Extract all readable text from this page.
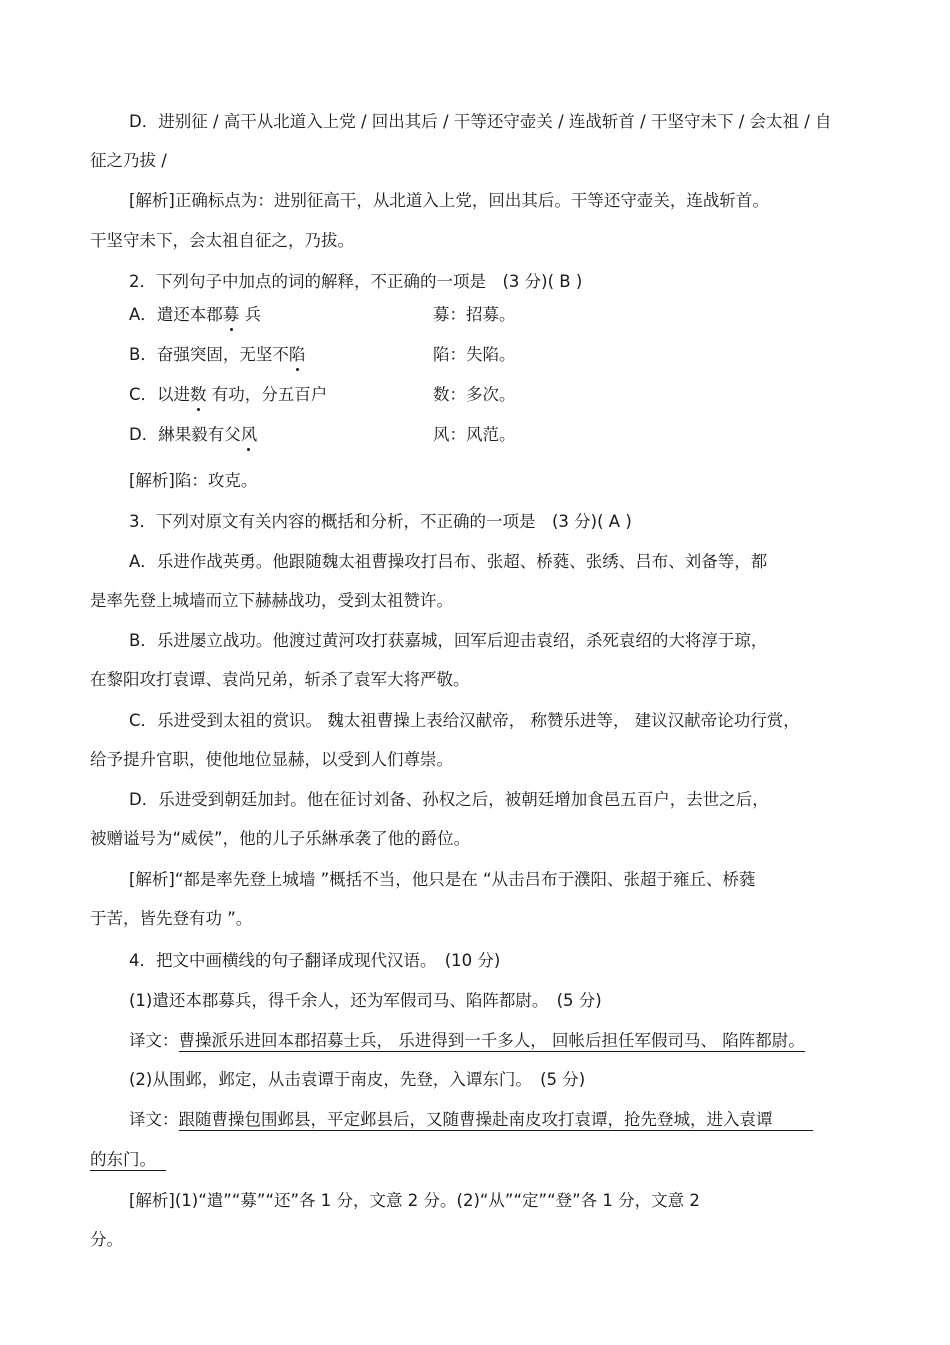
D．进别征 / 高干从北道入上党 / 回出其后 / 干等还守壶关 / 连战斩首 / 干坚守未下 / 会太祖 / 自
征之乃拔 /
[解析]正确标点为：进别征高干，从北道入上党，回出其后。干等还守壶关，连战斩首。
干坚守未下，会太祖自征之，乃拔。
2．下列句子中加点的词的解释，不正确的一项是　(3 分)( B )
A．遣还本郡募 兵	募：招募。
B．奋强突固，无坚不陷	陷：失陷。
C．以进数 有功，分五百户	数：多次。
D．綝果毅有父风	风：风范。
[解析]陷：攻克。
3．下列对原文有关内容的概括和分析，不正确的一项是　(3 分)( A )
A．乐进作战英勇。他跟随魏太祖曹操攻打吕布、张超、桥蕤、张绣、吕布、刘备等，都
是率先登上城墙而立下赫赫战功，受到太祖赞许。
B．乐进屡立战功。他渡过黄河攻打获嘉城，回军后迎击袁绍，杀死袁绍的大将淳于琼，
在黎阳攻打袁谭、袁尚兄弟，斩杀了袁军大将严敬。
C．乐进受到太祖的赏识。 魏太祖曹操上表给汉献帝， 称赞乐进等， 建议汉献帝论功行赏，
给予提升官职，使他地位显赫，以受到人们尊崇。
D．乐进受到朝廷加封。他在征讨刘备、孙权之后，被朝廷增加食邑五百户，去世之后，
被赠谥号为“威侯”，他的儿子乐綝承袭了他的爵位。
[解析]“都是率先登上城墙 ”概括不当，他只是在 “从击吕布于濮阳、张超于雍丘、桥蕤
于苦，皆先登有功 ”。
4．把文中画横线的句子翻译成现代汉语。　(10 分)
(1)遣还本郡募兵，得千余人，还为军假司马、陷阵都尉。　(5 分)
译文：曹操派乐进回本郡招募士兵， 乐进得到一千多人， 回帐后担任军假司马、 陷阵都尉。
(2)从围邺，邺定，从击袁谭于南皮，先登，入谭东门。　(5 分)
译文：跟随曹操包围邺县，平定邺县后，又随曹操赴南皮攻打袁谭，抢先登城，进入袁谭
的东门。
[解析](1)“遣”“募”“还”各 1 分，文意 2 分。(2)“从”“定”“登”各 1 分，文意 2
分。
